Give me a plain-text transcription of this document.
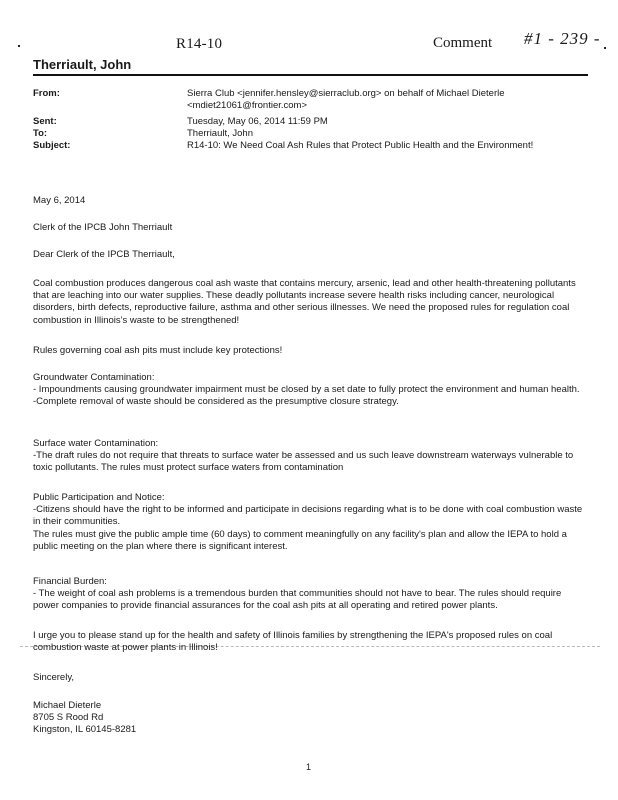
R14-10	Comment #1 - 239 -
Therriault, John
From:	Sierra Club <jennifer.hensley@sierraclub.org> on behalf of Michael Dieterle
<mdiet21061@frontier.com>
Sent:	Tuesday, May 06, 2014 11:59 PM
To:	Therriault, John
Subject:	R14-10: We Need Coal Ash Rules that Protect Public Health and the Environment!
May 6, 2014
Clerk of the IPCB John Therriault
Dear Clerk of the IPCB Therriault,
Coal combustion produces dangerous coal ash waste that contains mercury, arsenic, lead and other health-threatening pollutants that are leaching into our water supplies. These deadly pollutants increase severe health risks including cancer, neurological disorders, birth defects, reproductive failure, asthma and other serious illnesses. We need the proposed rules for regulation coal combustion in Illinois's waste to be strengthened!
Rules governing coal ash pits must include key protections!

Groundwater Contamination:

- Impoundments causing groundwater impairment must be closed by a set date to fully protect the environment and human health.

-Complete removal of waste should be considered as the presumptive closure strategy.

Surface water Contamination:

-The draft rules do not require that threats to surface water be assessed and us such leave downstream waterways vulnerable to toxic pollutants. The rules must protect surface waters from contamination

Public Participation and Notice:

-Citizens should have the right to be informed and participate in decisions regarding what is to be done with coal combustion waste in their communities.

The rules must give the public ample time (60 days) to comment meaningfully on any facility's plan and allow the IEPA to hold a public meeting on the plan where there is significant interest.

Financial Burden:

- The weight of coal ash problems is a tremendous burden that communities should not have to bear. The rules should require power companies to provide financial assurances for the coal ash pits at all operating and retired power plants.

I urge you to please stand up for the health and safety of Illinois families by strengthening the IEPA's proposed rules on coal combustion waste at power plants in Illinois!
Sincerely,

Michael Dieterle

8705 S Rood Rd

Kingston, IL 60145-8281

1
